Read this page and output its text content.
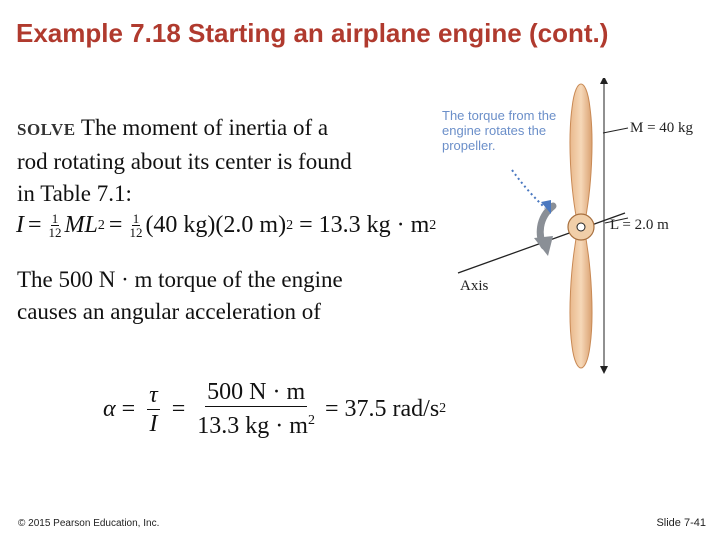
Example 7.18 Starting an airplane engine (cont.)
SOLVE The moment of inertia of a rod rotating about its center is found in Table 7.1:
$I = \frac{1}{12}$ ML $2 = \frac{1}{12} (40$ kg)(2.0 m) 2 = 13.3 kg · m 2
The 500 N · m torque of the engine causes an angular acceleration of
$\alpha = \frac{\tau}{I} = \frac{500 N \cdot m}{13.3 kg \cdot m^2} = 37.5$ rad/s 2
The torque from the engine rotates the propeller.
M = 40 kg
L = 2.0 m
Axis
© 2015 Pearson Education, Inc.	Slide 7-41
